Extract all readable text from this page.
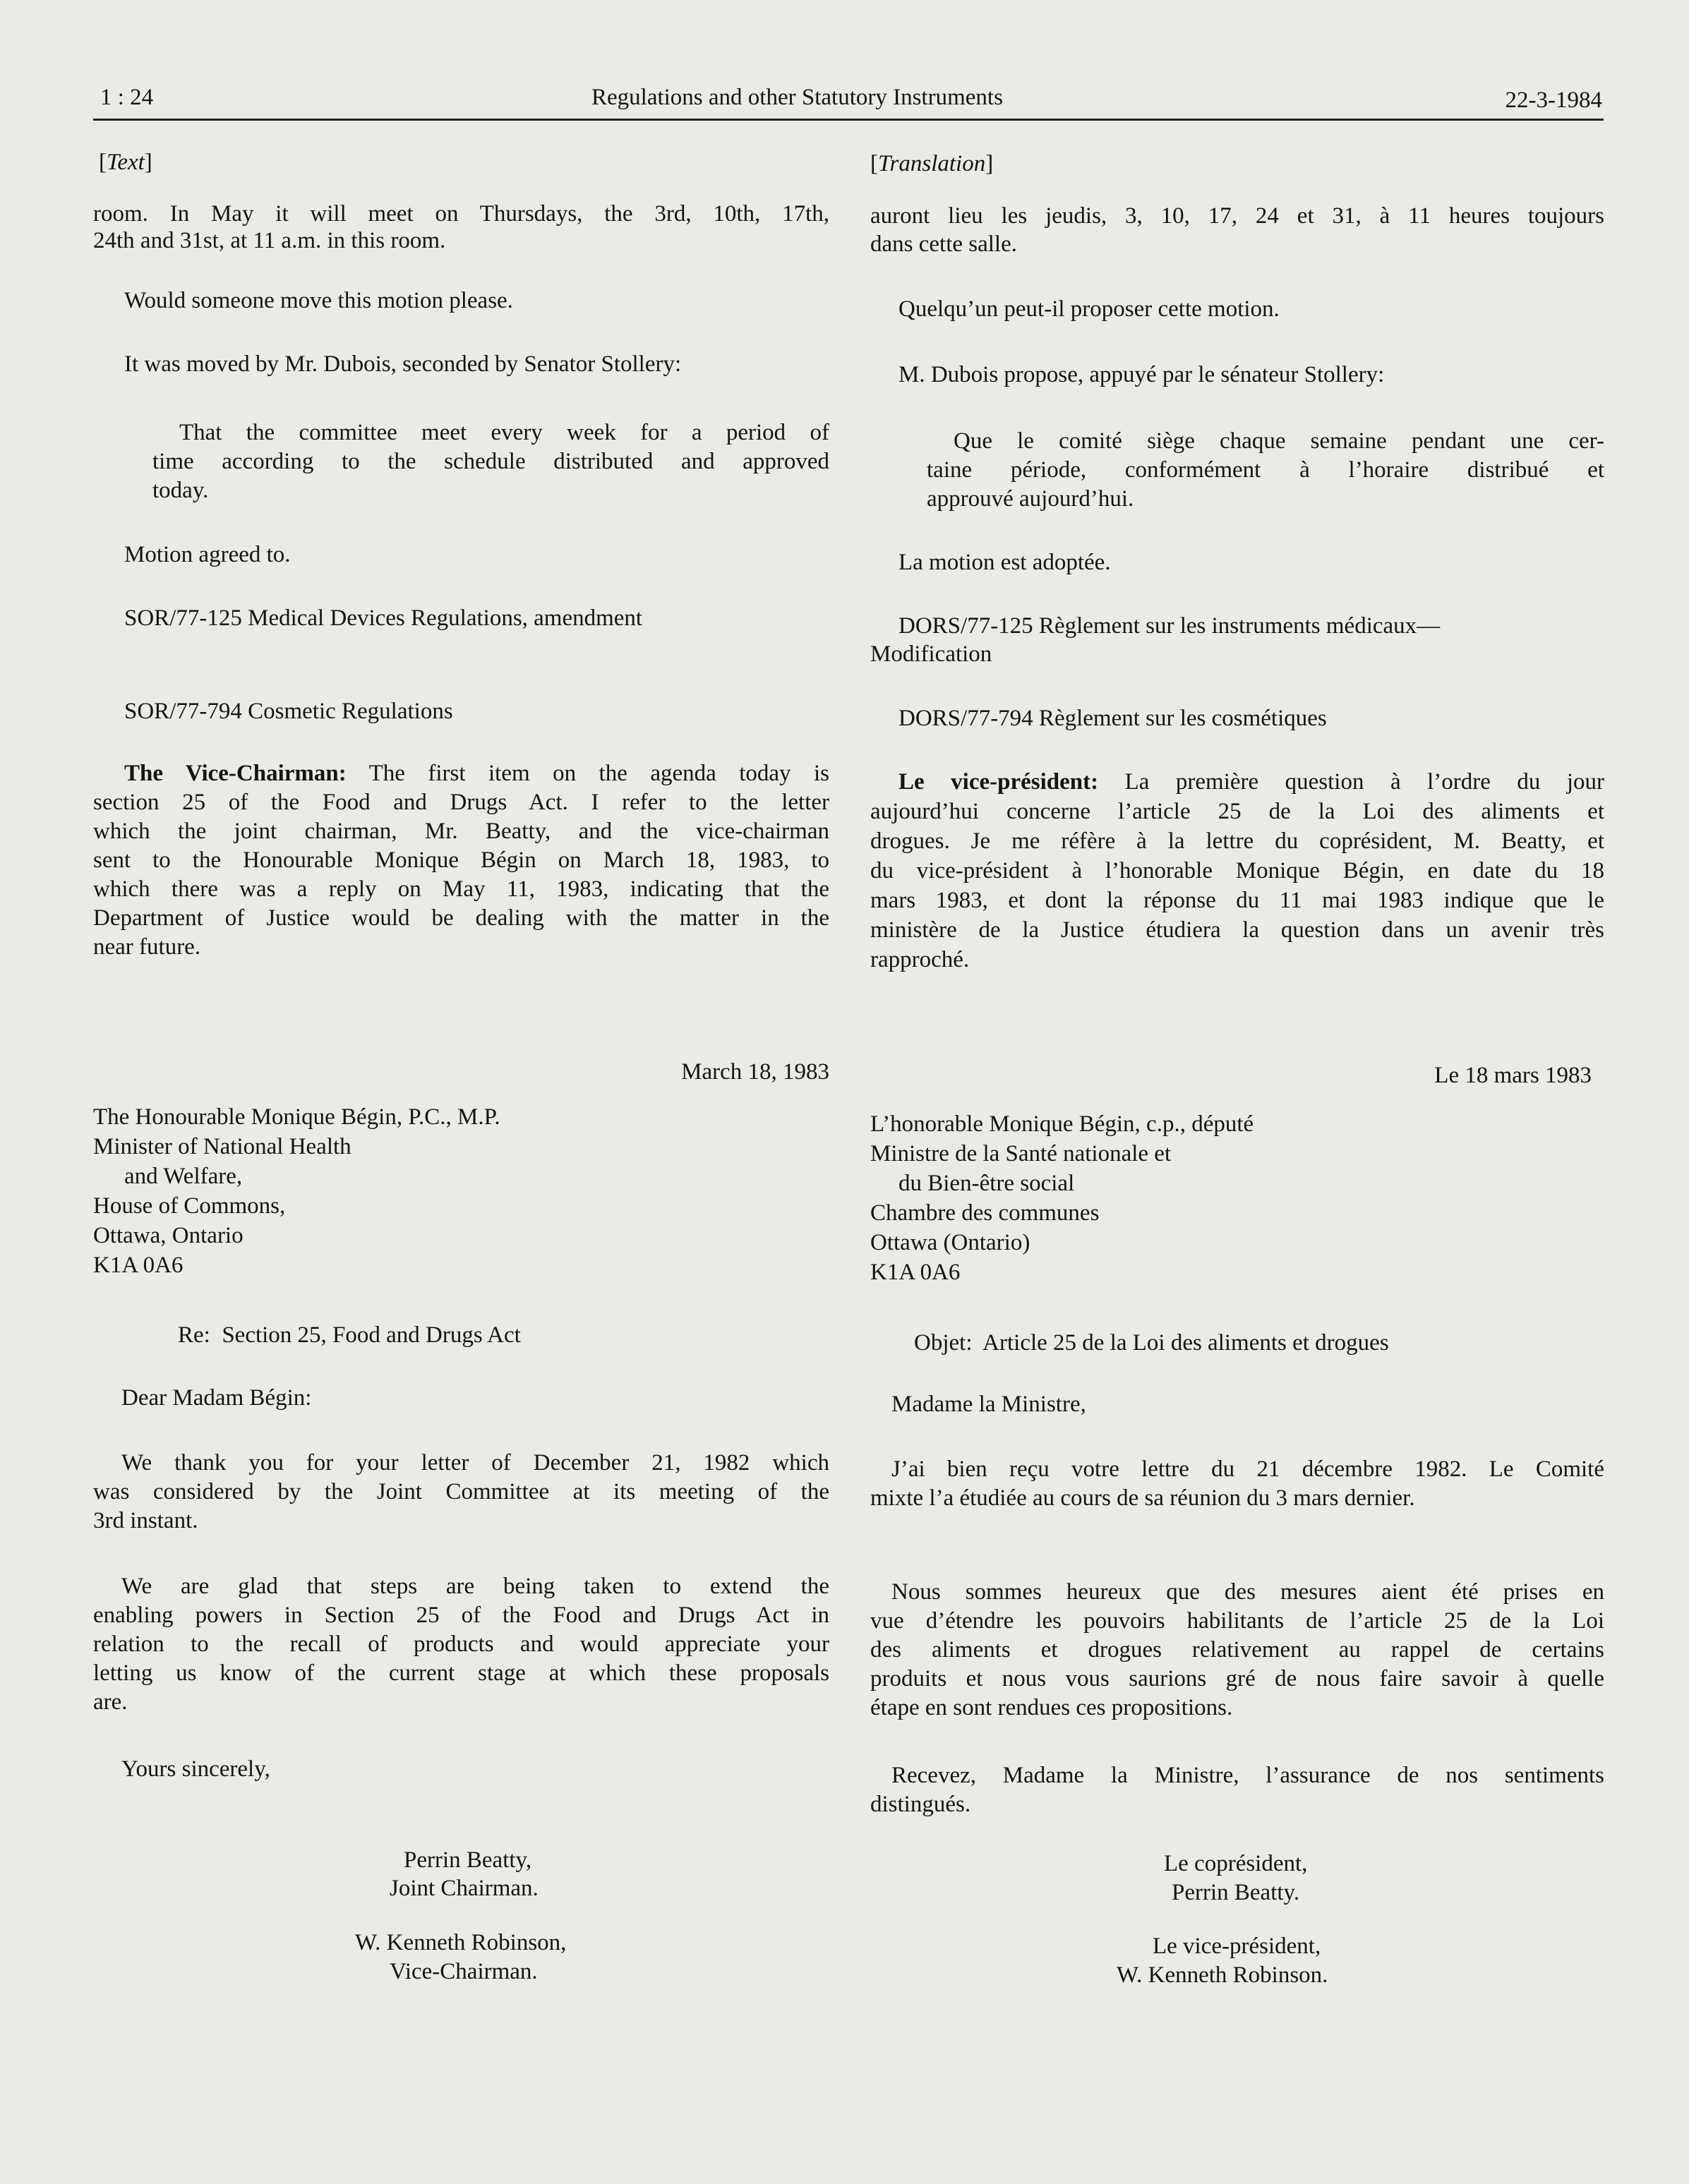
1 : 24	Regulations and other Statutory Instruments	22-3-1984
[Text]
room. In May it will meet on Thursdays, the 3rd, 10th, 17th,
24th and 31st, at 11 a.m. in this room.
Would someone move this motion please.
It was moved by Mr. Dubois, seconded by Senator Stollery:
That the committee meet every week for a period of
time according to the schedule distributed and approved
today.
Motion agreed to.
SOR/77-125 Medical Devices Regulations, amendment
SOR/77-794 Cosmetic Regulations
The Vice-Chairman: The first item on the agenda today is
section 25 of the Food and Drugs Act. I refer to the letter
which the joint chairman, Mr. Beatty, and the vice-chairman
sent to the Honourable Monique Bégin on March 18, 1983, to
which there was a reply on May 11, 1983, indicating that the
Department of Justice would be dealing with the matter in the
near future.
March 18, 1983
The Honourable Monique Bégin, P.C., M.P.
Minister of National Health
and Welfare,
House of Commons,
Ottawa, Ontario
K1A 0A6
Re:  Section 25, Food and Drugs Act
Dear Madam Bégin:
We thank you for your letter of December 21, 1982 which
was considered by the Joint Committee at its meeting of the
3rd instant.
We are glad that steps are being taken to extend the
enabling powers in Section 25 of the Food and Drugs Act in
relation to the recall of products and would appreciate your
letting us know of the current stage at which these proposals
are.
Yours sincerely,
Perrin Beatty,
Joint Chairman.
W. Kenneth Robinson,
Vice-Chairman.
[Translation]
auront lieu les jeudis, 3, 10, 17, 24 et 31, à 11 heures toujours
dans cette salle.
Quelqu’un peut-il proposer cette motion.
M. Dubois propose, appuyé par le sénateur Stollery:
Que le comité siège chaque semaine pendant une cer-
taine période, conformément à l’horaire distribué et
approuvé aujourd’hui.
La motion est adoptée.
DORS/77-125 Règlement sur les instruments médicaux—
Modification
DORS/77-794 Règlement sur les cosmétiques
Le vice-président: La première question à l’ordre du jour
aujourd’hui concerne l’article 25 de la Loi des aliments et
drogues. Je me réfère à la lettre du coprésident, M. Beatty, et
du vice-président à l’honorable Monique Bégin, en date du 18
mars 1983, et dont la réponse du 11 mai 1983 indique que le
ministère de la Justice étudiera la question dans un avenir très
rapproché.
Le 18 mars 1983
L’honorable Monique Bégin, c.p., député
Ministre de la Santé nationale et
du Bien-être social
Chambre des communes
Ottawa (Ontario)
K1A 0A6
Objet:  Article 25 de la Loi des aliments et drogues
Madame la Ministre,
J’ai bien reçu votre lettre du 21 décembre 1982. Le Comité
mixte l’a étudiée au cours de sa réunion du 3 mars dernier.
Nous sommes heureux que des mesures aient été prises en
vue d’étendre les pouvoirs habilitants de l’article 25 de la Loi
des aliments et drogues relativement au rappel de certains
produits et nous vous saurions gré de nous faire savoir à quelle
étape en sont rendues ces propositions.
Recevez, Madame la Ministre, l’assurance de nos sentiments
distingués.
Le coprésident,
Perrin Beatty.
Le vice-président,
W. Kenneth Robinson.
